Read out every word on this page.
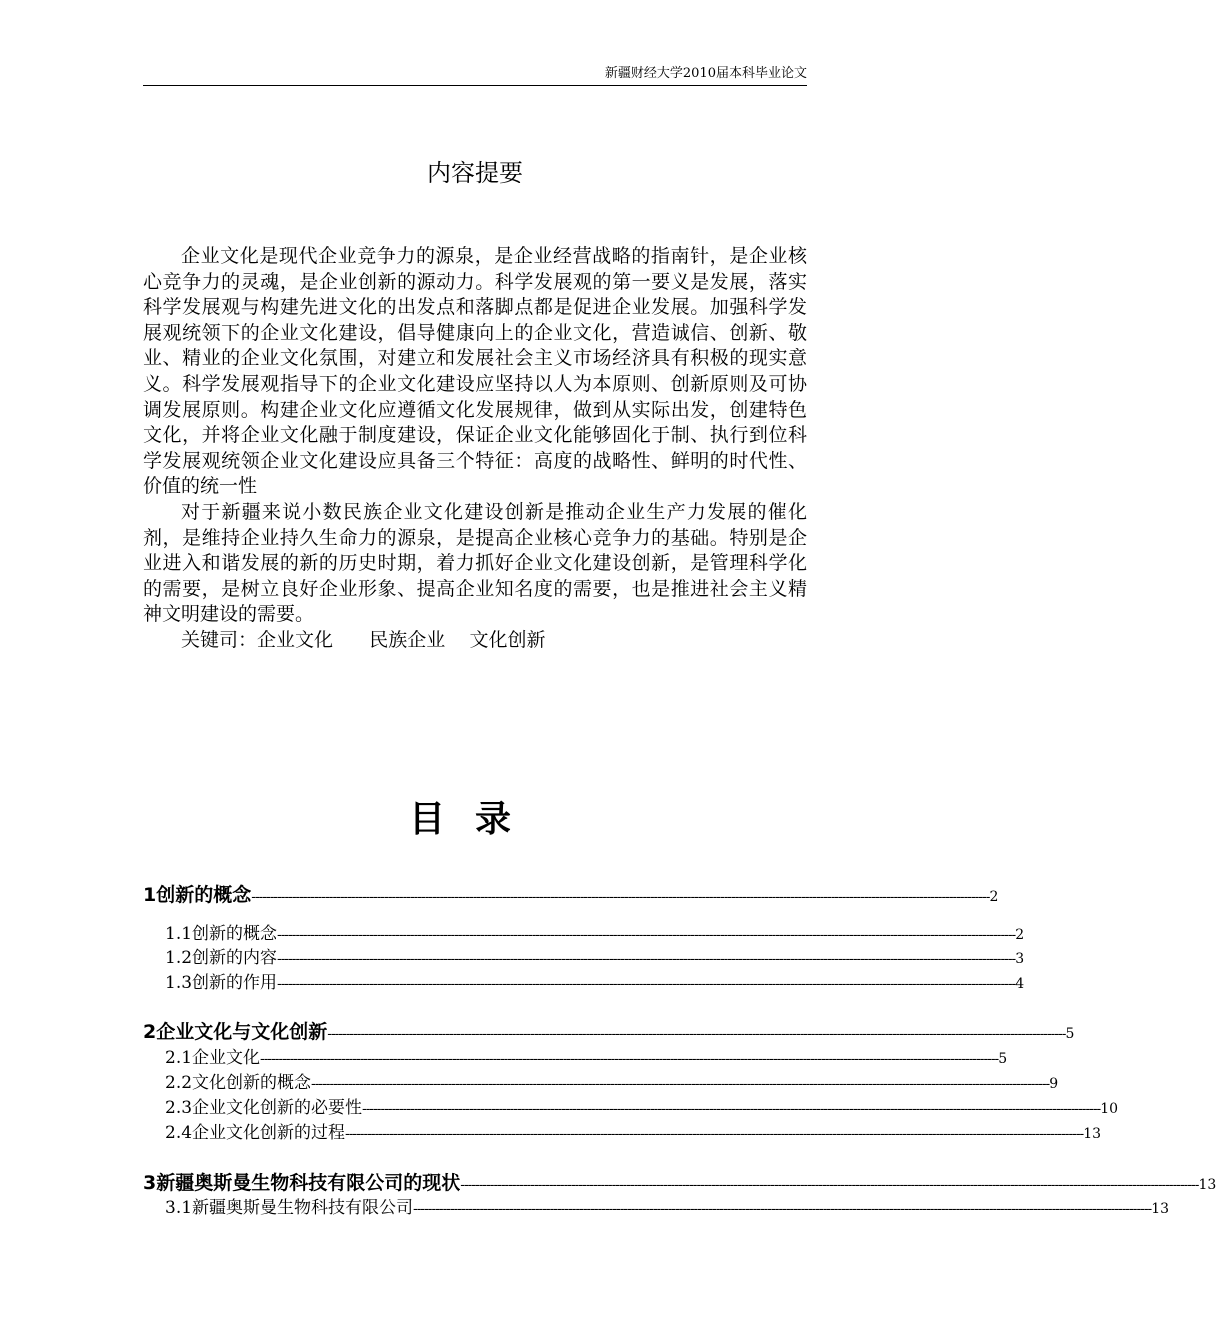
新疆财经大学2010届本科毕业论文
内容提要

企业文化是现代企业竞争力的源泉，是企业经营战略的指南针，是企业核心竞争力的灵魂，是企业创新的源动力。科学发展观的第一要义是发展，落实科学发展观与构建先进文化的出发点和落脚点都是促进企业发展。加强科学发展观统领下的企业文化建设，倡导健康向上的企业文化，营造诚信、创新、敬业、精业的企业文化氛围，对建立和发展社会主义市场经济具有积极的现实意义。科学发展观指导下的企业文化建设应坚持以人为本原则、创新原则及可协调发展原则。构建企业文化应遵循文化发展规律，做到从实际出发，创建特色文化，并将企业文化融于制度建设，保证企业文化能够固化于制、执行到位科学发展观统领企业文化建设应具备三个特征：高度的战略性、鲜明的时代性、价值的统一性

对于新疆来说小数民族企业文化建设创新是推动企业生产力发展的催化剂，是维持企业持久生命力的源泉，是提高企业核心竞争力的基础。特别是企业进入和谐发展的新的历史时期，着力抓好企业文化建设创新，是管理科学化的需要，是树立良好企业形象、提高企业知名度的需要，也是推进社会主义精神文明建设的需要。

关键司：企业文化 民族企业 文化创新

目录
1 创新的概念 -------------------------------------------------------------------------------------------------------------------------------------------------------------------------------------------------------- 2
1.1 创新的概念 -------------------------------------------------------------------------------------------------------------------------------------------------------------------------------------------------------- 2
1.2 创新的内容 -------------------------------------------------------------------------------------------------------------------------------------------------------------------------------------------------------- 3
1.3 创新的作用 -------------------------------------------------------------------------------------------------------------------------------------------------------------------------------------------------------- 4
2 企业文化与文化创新 -------------------------------------------------------------------------------------------------------------------------------------------------------------------------------------------------------- 5
2.1 企业文化 -------------------------------------------------------------------------------------------------------------------------------------------------------------------------------------------------------- 5
2.2 文化创新的概念 -------------------------------------------------------------------------------------------------------------------------------------------------------------------------------------------------------- 9
2.3 企业文化创新的必要性 -------------------------------------------------------------------------------------------------------------------------------------------------------------------------------------------------------- 10
2.4 企业文化创新的过程 -------------------------------------------------------------------------------------------------------------------------------------------------------------------------------------------------------- 13
3 新疆奥斯曼生物科技有限公司的现状 -------------------------------------------------------------------------------------------------------------------------------------------------------------------------------------------------------- 13
3.1 新疆奥斯曼生物科技有限公司 -------------------------------------------------------------------------------------------------------------------------------------------------------------------------------------------------------- 13
